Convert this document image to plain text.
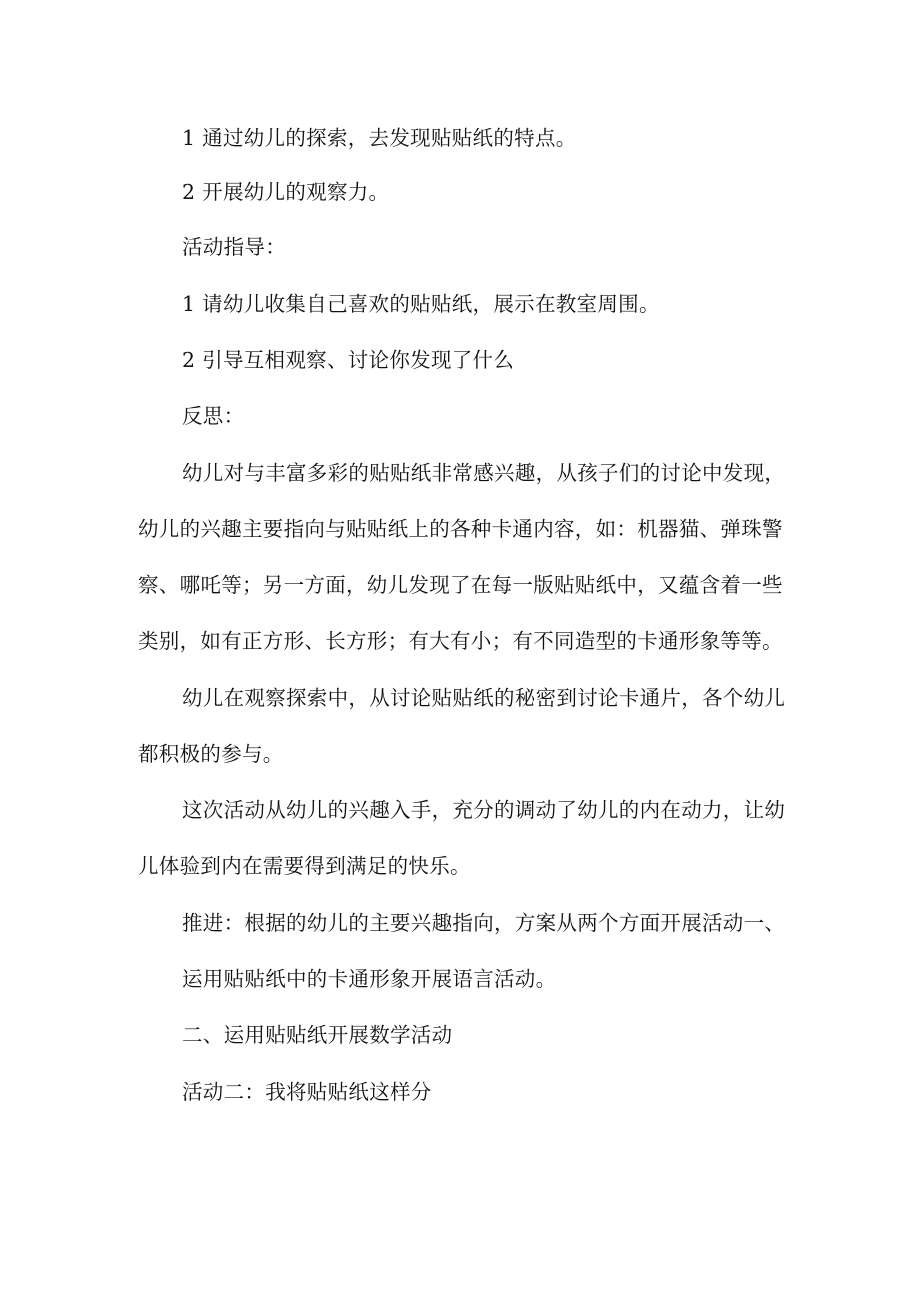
1 通过幼儿的探索，去发现贴贴纸的特点。
2 开展幼儿的观察力。
活动指导：
1 请幼儿收集自己喜欢的贴贴纸，展示在教室周围。
2 引导互相观察、讨论你发现了什么
反思：
幼儿对与丰富多彩的贴贴纸非常感兴趣，从孩子们的讨论中发现，
幼儿的兴趣主要指向与贴贴纸上的各种卡通内容，如：机器猫、弹珠警
察、哪吒等；另一方面，幼儿发现了在每一版贴贴纸中，又蕴含着一些
类别，如有正方形、长方形；有大有小；有不同造型的卡通形象等等。
幼儿在观察探索中，从讨论贴贴纸的秘密到讨论卡通片，各个幼儿
都积极的参与。
这次活动从幼儿的兴趣入手，充分的调动了幼儿的内在动力，让幼
儿体验到内在需要得到满足的快乐。
推进：根据的幼儿的主要兴趣指向，方案从两个方面开展活动一、
运用贴贴纸中的卡通形象开展语言活动。
二、运用贴贴纸开展数学活动
活动二：我将贴贴纸这样分
